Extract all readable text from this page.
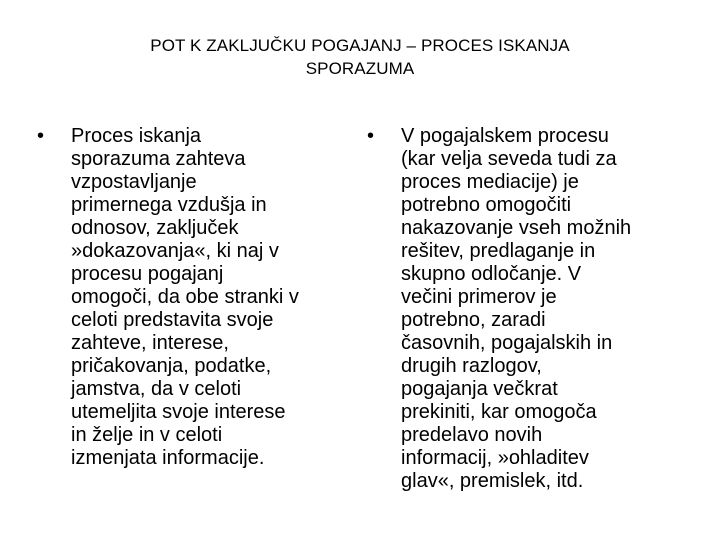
POT K ZAKLJUČKU POGAJANJ – PROCES ISKANJA
SPORAZUMA
•	Proces iskanja
sporazuma zahteva
vzpostavljanje
primernega vzdušja in
odnosov, zaključek
»dokazovanja«, ki naj v
procesu pogajanj
omogoči, da obe stranki v
celoti predstavita svoje
zahteve, interese,
pričakovanja, podatke,
jamstva, da v celoti
utemeljita svoje interese
in želje in v celoti
izmenjata informacije.
•	V pogajalskem procesu
(kar velja seveda tudi za
proces mediacije) je
potrebno omogočiti
nakazovanje vseh možnih
rešitev, predlaganje in
skupno odločanje. V
večini primerov je
potrebno, zaradi
časovnih, pogajalskih in
drugih razlogov,
pogajanja večkrat
prekiniti, kar omogoča
predelavo novih
informacij, »ohladitev
glav«, premislek, itd.
